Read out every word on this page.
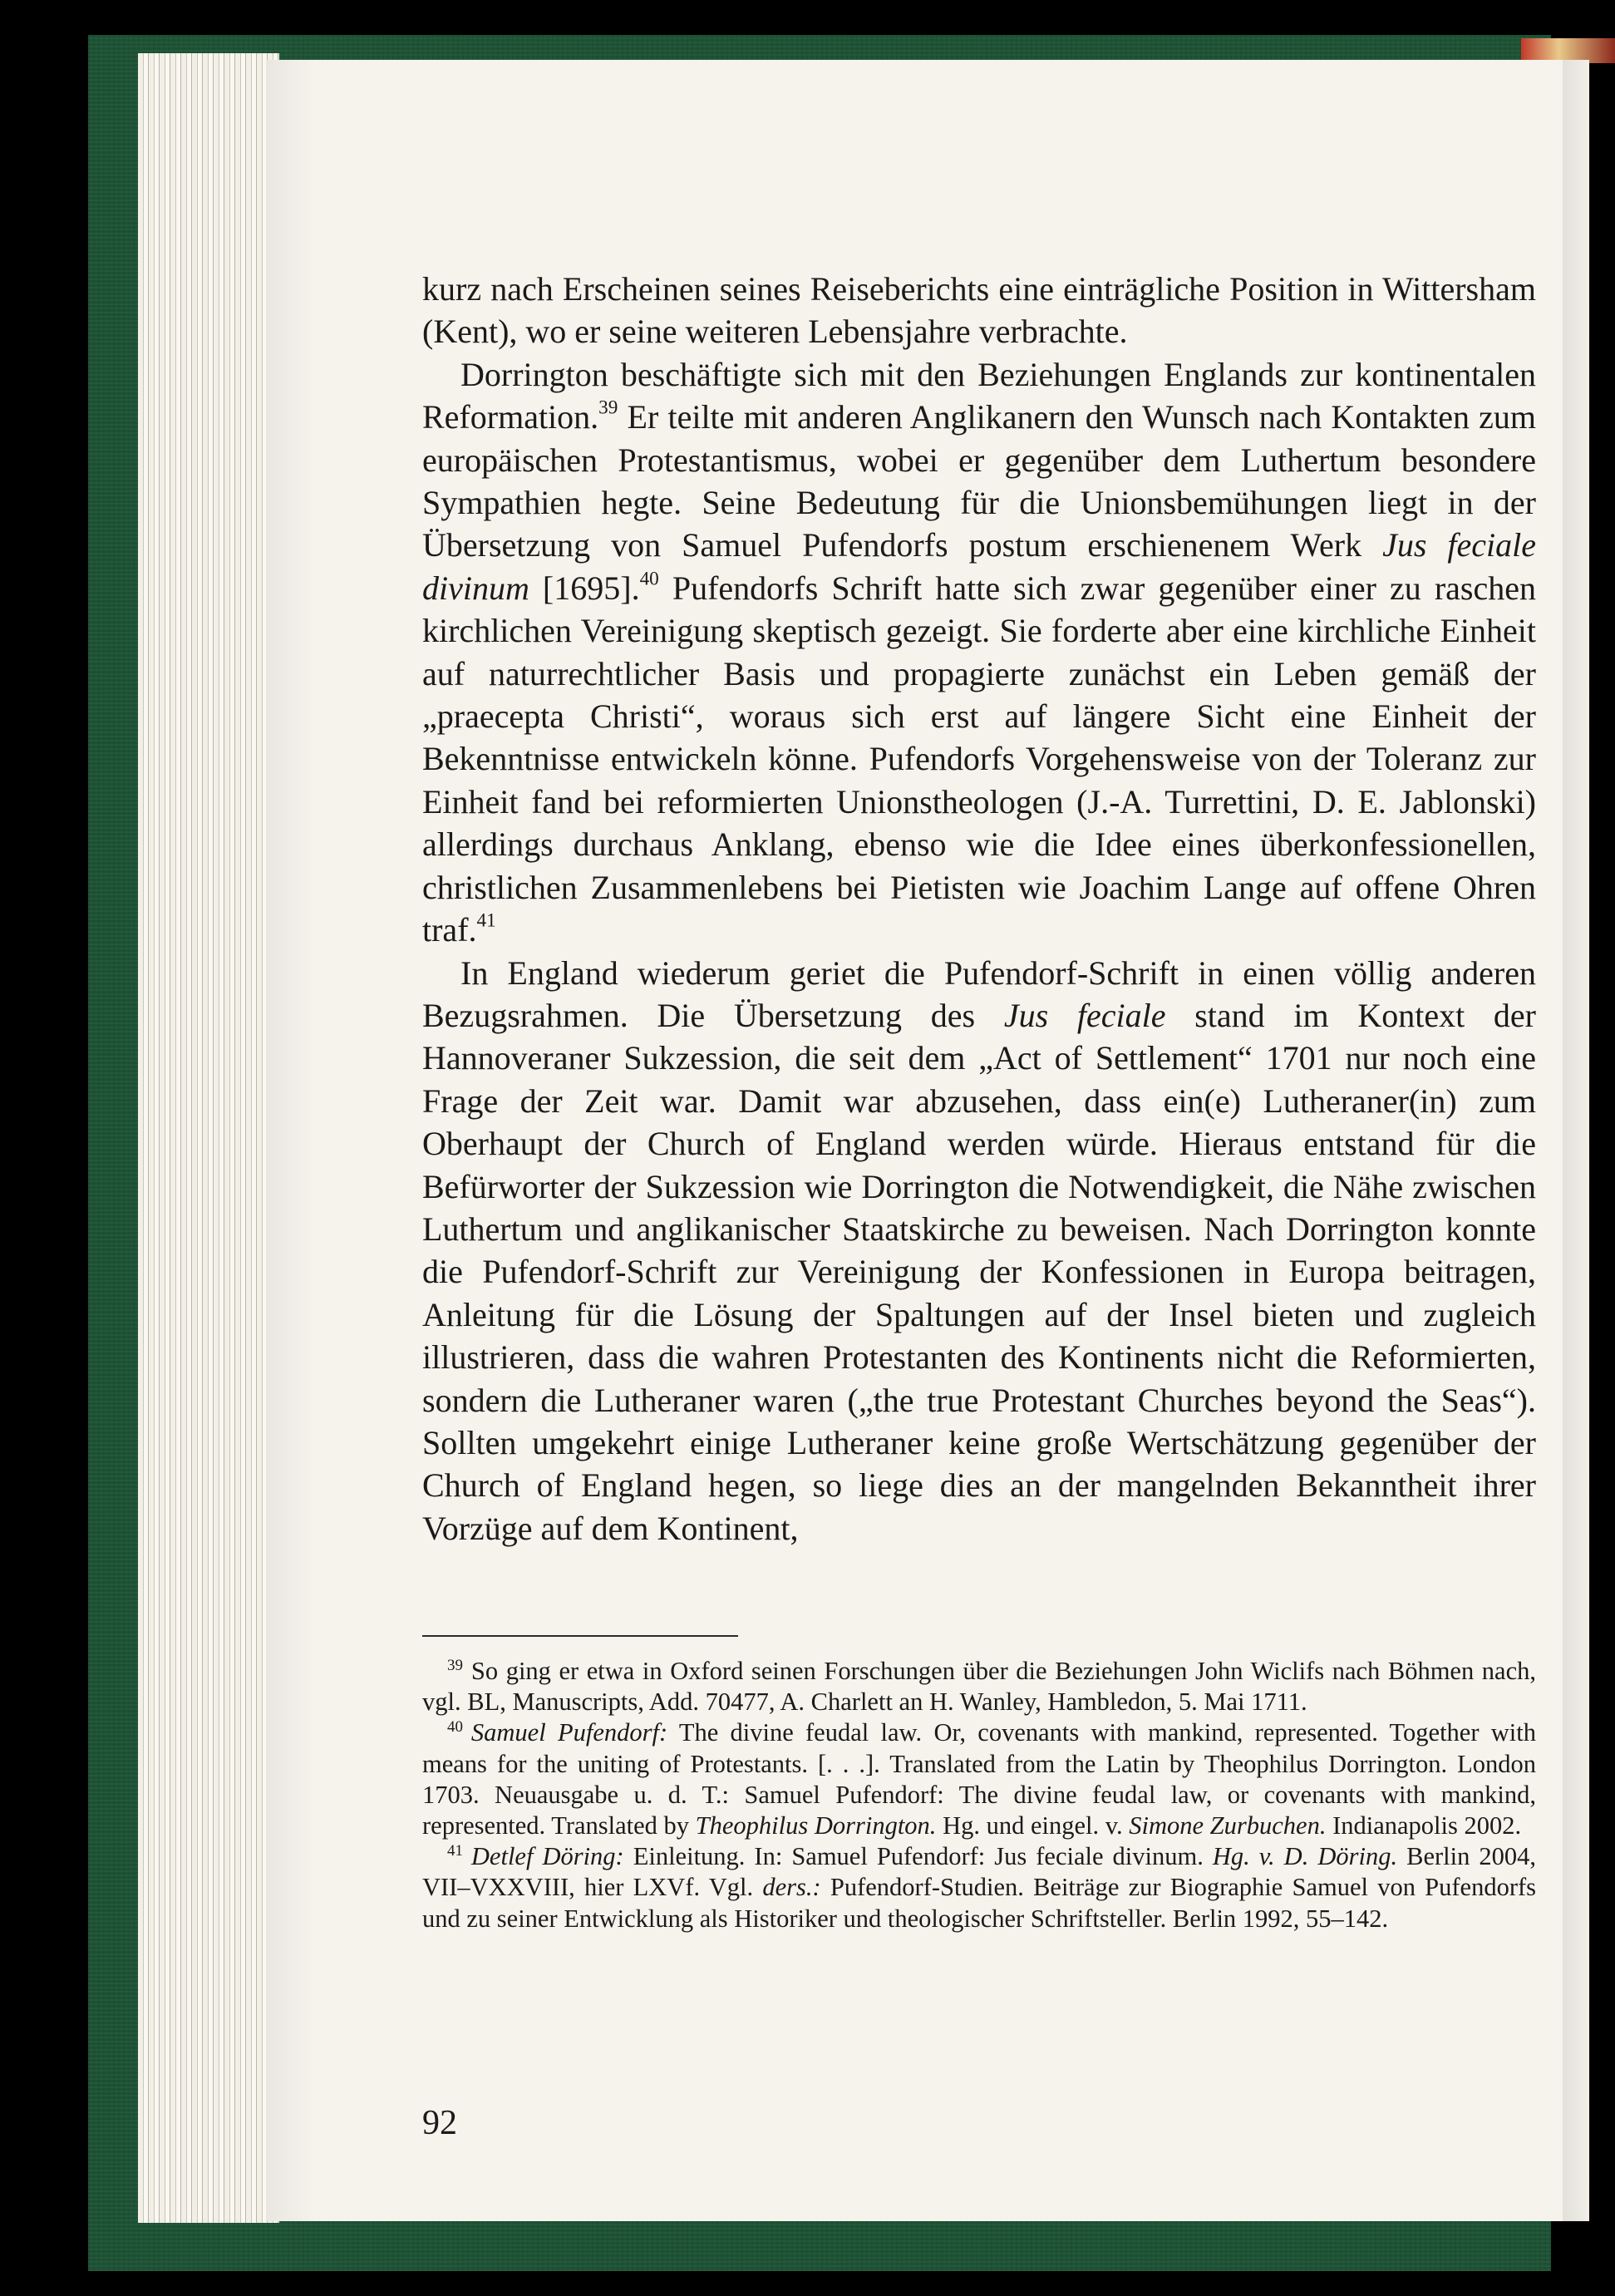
kurz nach Erscheinen seines Reiseberichts eine einträgliche Position in Wittersham (Kent), wo er seine weiteren Lebensjahre verbrachte.

Dorrington beschäftigte sich mit den Beziehungen Englands zur kontinentalen Reformation.$^{39}$ Er teilte mit anderen Anglikanern den Wunsch nach Kontakten zum europäischen Protestantismus, wobei er gegenüber dem Luthertum besondere Sympathien hegte. Seine Bedeutung für die Unionsbemühungen liegt in der Übersetzung von Samuel Pufendorfs postum erschienenem Werk Jus feciale divinum [1695].$^{40}$ Pufendorfs Schrift hatte sich zwar gegenüber einer zu raschen kirchlichen Vereinigung skeptisch gezeigt. Sie forderte aber eine kirchliche Einheit auf naturrechtlicher Basis und propagierte zunächst ein Leben gemäß der „praecepta Christi“, woraus sich erst auf längere Sicht eine Einheit der Bekenntnisse entwickeln könne. Pufendorfs Vorgehensweise von der Toleranz zur Einheit fand bei reformierten Unionstheologen (J.-A. Turrettini, D. E. Jablonski) allerdings durchaus Anklang, ebenso wie die Idee eines überkonfessionellen, christlichen Zusammenlebens bei Pietisten wie Joachim Lange auf offene Ohren traf.$^{41}$

In England wiederum geriet die Pufendorf-Schrift in einen völlig anderen Bezugsrahmen. Die Übersetzung des Jus feciale stand im Kontext der Hannoveraner Sukzession, die seit dem „Act of Settlement“ 1701 nur noch eine Frage der Zeit war. Damit war abzusehen, dass ein(e) Lutheraner(in) zum Oberhaupt der Church of England werden würde. Hieraus entstand für die Befürworter der Sukzession wie Dorrington die Notwendigkeit, die Nähe zwischen Luthertum und anglikanischer Staatskirche zu beweisen. Nach Dorrington konnte die Pufendorf-Schrift zur Vereinigung der Konfessionen in Europa beitragen, Anleitung für die Lösung der Spaltungen auf der Insel bieten und zugleich illustrieren, dass die wahren Protestanten des Kontinents nicht die Reformierten, sondern die Lutheraner waren („the true Protestant Churches beyond the Seas“). Sollten umgekehrt einige Lutheraner keine große Wertschätzung gegenüber der Church of England hegen, so liege dies an der mangelnden Bekanntheit ihrer Vorzüge auf dem Kontinent,

$^{39}$ So ging er etwa in Oxford seinen Forschungen über die Beziehungen John Wiclifs nach Böhmen nach, vgl. BL, Manuscripts, Add. 70477, A. Charlett an H. Wanley, Hambledon, 5. Mai 1711.

$^{40}$ Samuel Pufendorf: The divine feudal law. Or, covenants with mankind, represented. Together with means for the uniting of Protestants. [. . .]. Translated from the Latin by Theophilus Dorrington. London 1703. Neuausgabe u. d. T.: Samuel Pufendorf: The divine feudal law, or covenants with mankind, represented. Translated by Theophilus Dorrington. Hg. und eingel. v. Simone Zurbuchen. Indianapolis 2002.

$^{41}$ Detlef Döring: Einleitung. In: Samuel Pufendorf: Jus feciale divinum. Hg. v. D. Döring. Berlin 2004, VII–VXXVIII, hier LXVf. Vgl. ders.: Pufendorf-Studien. Beiträge zur Biographie Samuel von Pufendorfs und zu seiner Entwicklung als Historiker und theologischer Schriftsteller. Berlin 1992, 55–142.

92
